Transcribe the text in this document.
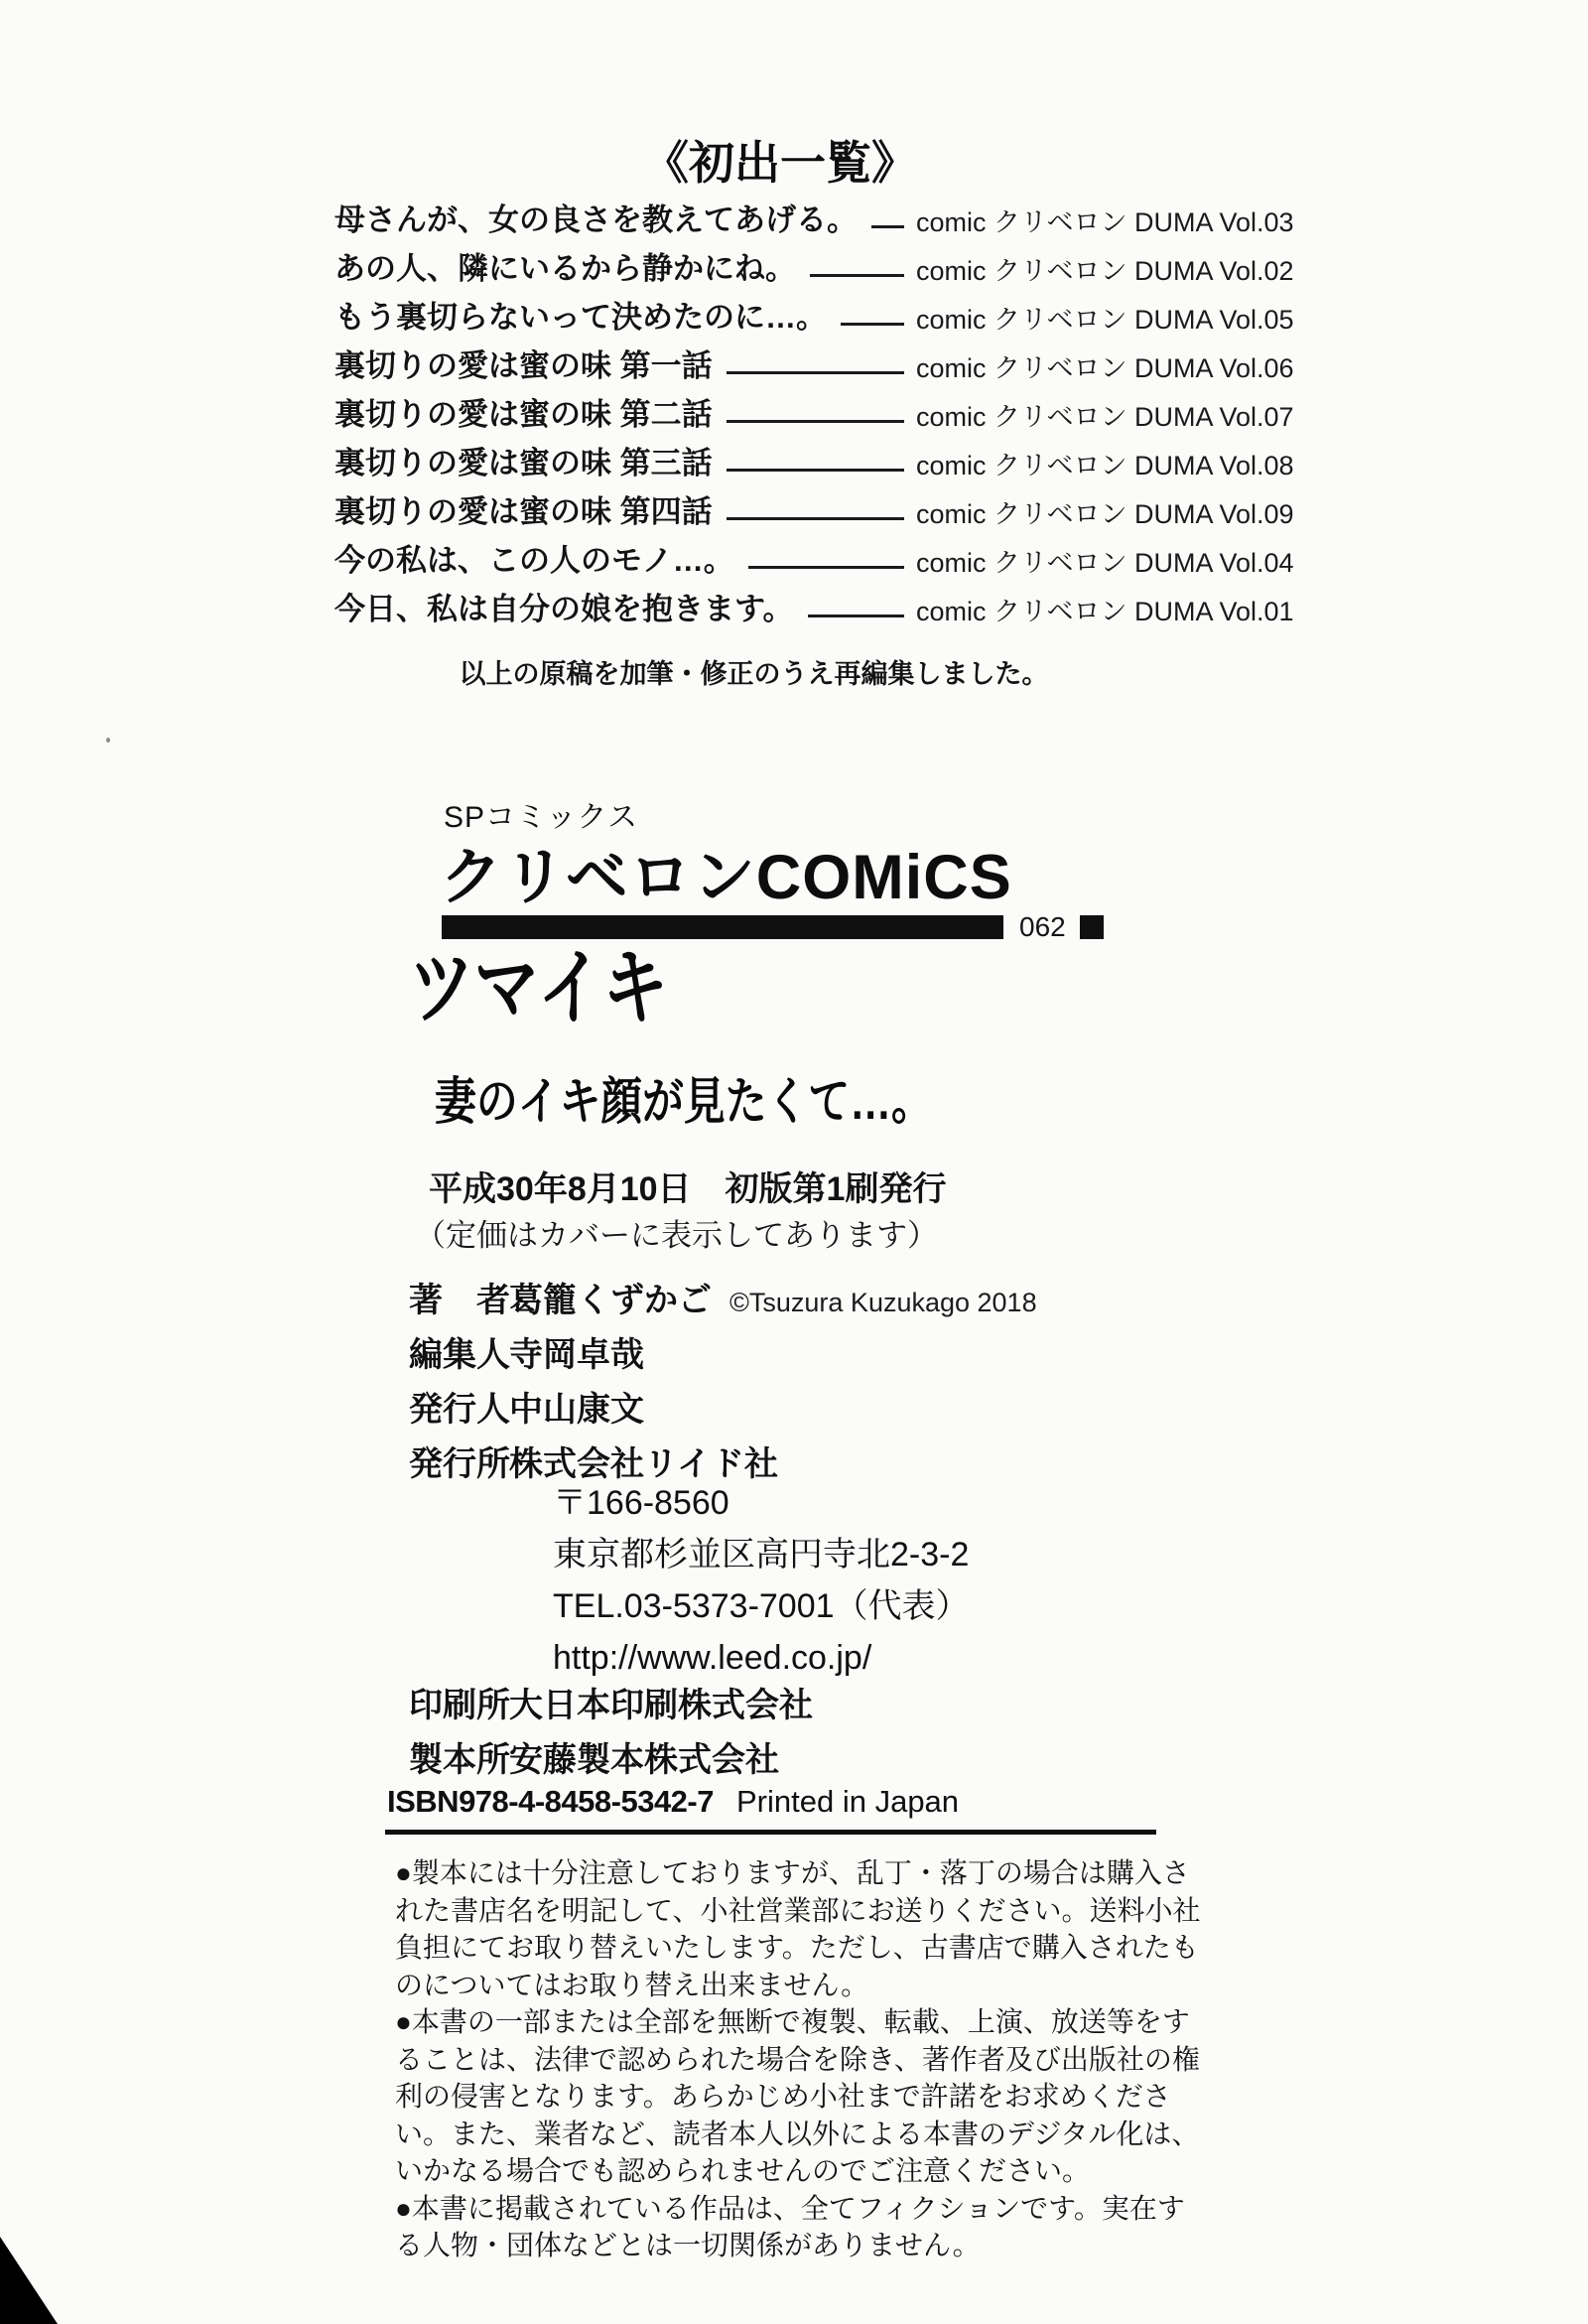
《初出一覧》
母さんが、女の良さを教えてあげる。 comic クリベロン DUMA Vol.03
あの人、隣にいるから静かにね。	comic クリベロン DUMA Vol.02
もう裏切らないって決めたのに…。	comic クリベロン DUMA Vol.05
裏切りの愛は蜜の味 第一話	comic クリベロン DUMA Vol.06
裏切りの愛は蜜の味 第二話	comic クリベロン DUMA Vol.07
裏切りの愛は蜜の味 第三話	comic クリベロン DUMA Vol.08
裏切りの愛は蜜の味 第四話	comic クリベロン DUMA Vol.09
今の私は、この人のモノ…。	comic クリベロン DUMA Vol.04
今日、私は自分の娘を抱きます。	comic クリベロン DUMA Vol.01
以上の原稿を加筆・修正のうえ再編集しました。
SPコミックス
クリベロンCOMiCS
062
ツマイキ
妻のイキ顔が見たくて…。
平成30年8月10日　初版第1刷発行
（定価はカバーに表示してあります）
著　者 葛籠くずかご ©Tsuzura Kuzukago 2018
編集人 寺岡卓哉
発行人 中山康文
発行所 株式会社リイド社
〒166-8560
東京都杉並区高円寺北2-3-2
TEL.03-5373-7001（代表）
http://www.leed.co.jp/
印刷所 大日本印刷株式会社
製本所 安藤製本株式会社
ISBN978-4-8458-5342-7 Printed in Japan

●製本には十分注意しておりますが、乱丁・落丁の場合は購入された書店名を明記して、小社営業部にお送りください。送料小社負担にてお取り替えいたします。ただし、古書店で購入されたものについてはお取り替え出来ません。

●本書の一部または全部を無断で複製、転載、上演、放送等をすることは、法律で認められた場合を除き、著作者及び出版社の権利の侵害となります。あらかじめ小社まで許諾をお求めください。また、業者など、読者本人以外による本書のデジタル化は、いかなる場合でも認められませんのでご注意ください。

●本書に掲載されている作品は、全てフィクションです。実在する人物・団体などとは一切関係がありません。
